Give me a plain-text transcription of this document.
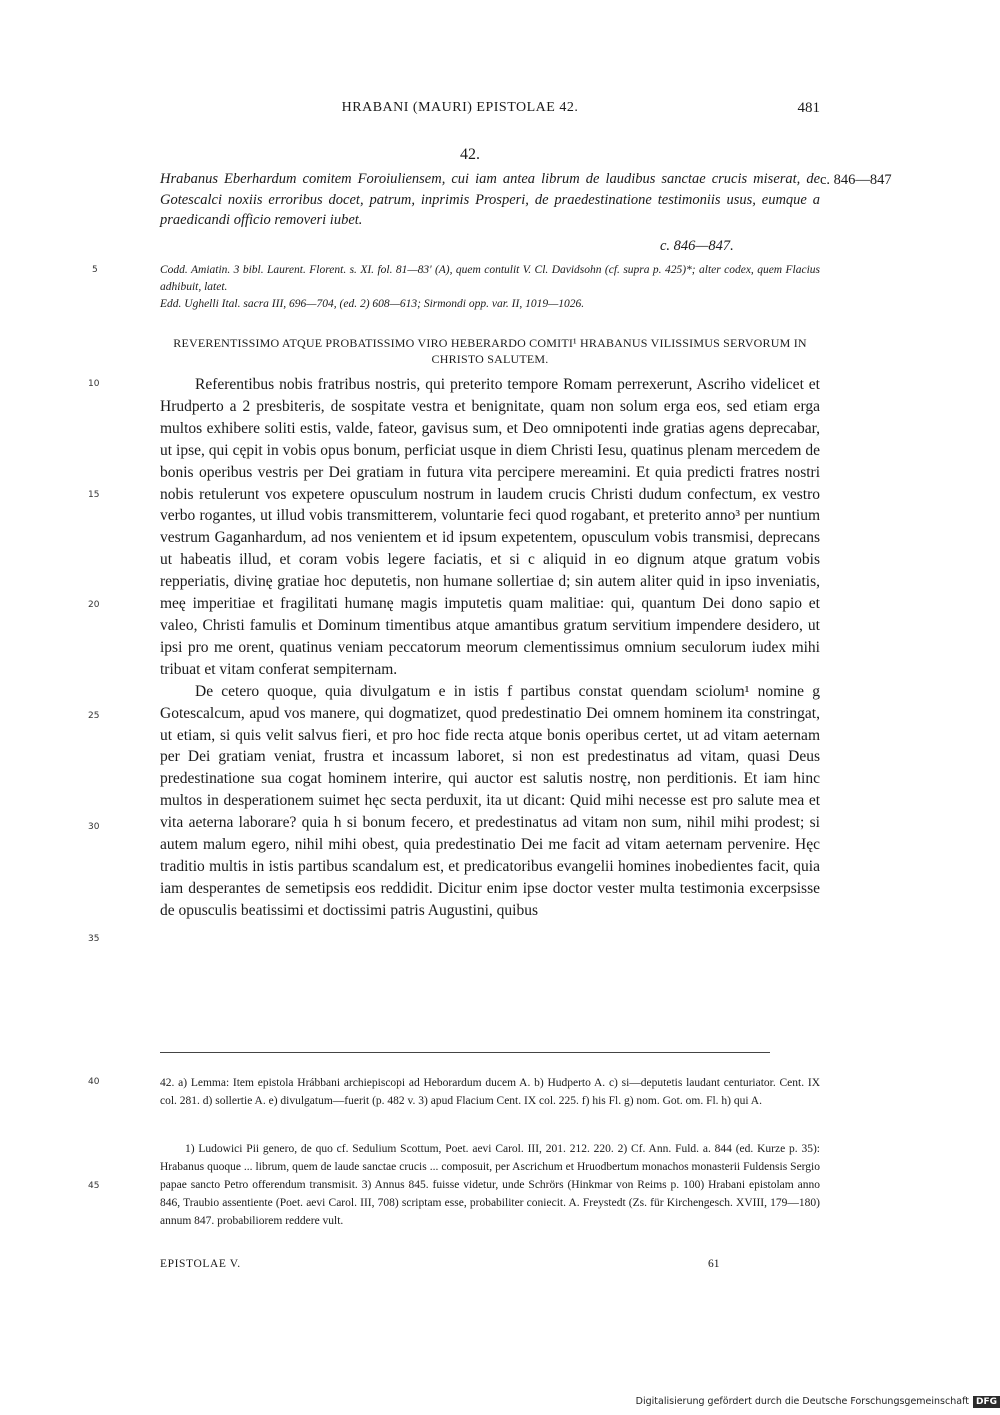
HRABANI (MAURI) EPISTOLAE 42.	481
42.

Hrabanus Eberhardum comitem Foroiuliensem, cui iam antea librum de laudibus sanctae crucis miserat, de Gotescalci noxiis erroribus docet, patrum, inprimis Prosperi, de praedestinatione testimoniis usus, eumque a praedicandi officio removeri iubet.

c. 846—847
c. 846—847.

Codd. Amiatin. 3 bibl. Laurent. Florent. s. XI. fol. 81—83' (A), quem contulit V. Cl. Davidsohn (cf. supra p. 425)*; alter codex, quem Flacius adhibuit, latet.

Edd. Ughelli Ital. sacra III, 696—704, (ed. 2) 608—613; Sirmondi opp. var. II, 1019—1026.

5
10
15
20
25
30
35
40
45
REVERENTISSIMO ATQUE PROBATISSIMO VIRO HEBERARDO COMITI¹ HRABANUS VILISSIMUS SERVORUM IN CHRISTO SALUTEM.

Referentibus nobis fratribus nostris, qui preterito tempore Romam perrexerunt, Ascriho videlicet et Hrudperto a 2 presbiteris, de sospitate vestra et benignitate, quam non solum erga eos, sed etiam erga multos exhibere soliti estis, valde, fateor, gavisus sum, et Deo omnipotenti inde gratias agens deprecabar, ut ipse, qui cępit in vobis opus bonum, perficiat usque in diem Christi Iesu, quatinus plenam mercedem de bonis operibus vestris per Dei gratiam in futura vita percipere mereamini. Et quia predicti fratres nostri nobis retulerunt vos expetere opusculum nostrum in laudem crucis Christi dudum confectum, ex vestro verbo rogantes, ut illud vobis transmitterem, voluntarie feci quod rogabant, et preterito anno³ per nuntium vestrum Gaganhardum, ad nos venientem et id ipsum expetentem, opusculum vobis transmisi, deprecans ut habeatis illud, et coram vobis legere faciatis, et si c aliquid in eo dignum atque gratum vobis repperiatis, divinę gratiae hoc deputetis, non humane sollertiae d; sin autem aliter quid in ipso inveniatis, meę imperitiae et fragilitati humanę magis imputetis quam malitiae: qui, quantum Dei dono sapio et valeo, Christi famulis et Dominum timentibus atque amantibus gratum servitium impendere desidero, ut ipsi pro me orent, quatinus veniam peccatorum meorum clementissimus omnium seculorum iudex mihi tribuat et vitam conferat sempiternam.

De cetero quoque, quia divulgatum e in istis f partibus constat quendam sciolum¹ nomine g Gotescalcum, apud vos manere, qui dogmatizet, quod predestinatio Dei omnem hominem ita constringat, ut etiam, si quis velit salvus fieri, et pro hoc fide recta atque bonis operibus certet, ut ad vitam aeternam per Dei gratiam veniat, frustra et incassum laboret, si non est predestinatus ad vitam, quasi Deus predestinatione sua cogat hominem interire, qui auctor est salutis nostrę, non perditionis. Et iam hinc multos in desperationem suimet hęc secta perduxit, ita ut dicant: Quid mihi necesse est pro salute mea et vita aeterna laborare? quia h si bonum fecero, et predestinatus ad vitam non sum, nihil mihi prodest; si autem malum egero, nihil mihi obest, quia predestinatio Dei me facit ad vitam aeternam pervenire. Hęc traditio multis in istis partibus scandalum est, et predicatoribus evangelii homines inobedientes facit, quia iam desperantes de semetipsis eos reddidit. Dicitur enim ipse doctor vester multa testimonia excerpsisse de opusculis beatissimi et doctissimi patris Augustini, quibus

42. a) Lemma: Item epistola Hrábbani archiepiscopi ad Heborardum ducem A. b) Hudperto A. c) si—deputetis laudant centuriator. Cent. IX col. 281. d) sollertie A. e) divulgatum—fuerit (p. 482 v. 3) apud Flacium Cent. IX col. 225. f) his Fl. g) nom. Got. om. Fl. h) qui A.

1) Ludowici Pii genero, de quo cf. Sedulium Scottum, Poet. aevi Carol. III, 201. 212. 220. 2) Cf. Ann. Fuld. a. 844 (ed. Kurze p. 35): Hrabanus quoque ... librum, quem de laude sanctae crucis ... composuit, per Ascrichum et Hruodbertum monachos monasterii Fuldensis Sergio papae sancto Petro offerendum transmisit. 3) Annus 845. fuisse videtur, unde Schrörs (Hinkmar von Reims p. 100) Hrabani epistolam anno 846, Traubio assentiente (Poet. aevi Carol. III, 708) scriptam esse, probabiliter coniecit. A. Freystedt (Zs. für Kirchengesch. XVIII, 179—180) annum 847. probabiliorem reddere vult.

EPISTOLAE V.	61
Digitalisierung gefördert durch die Deutsche Forschungsgemeinschaft DFG
